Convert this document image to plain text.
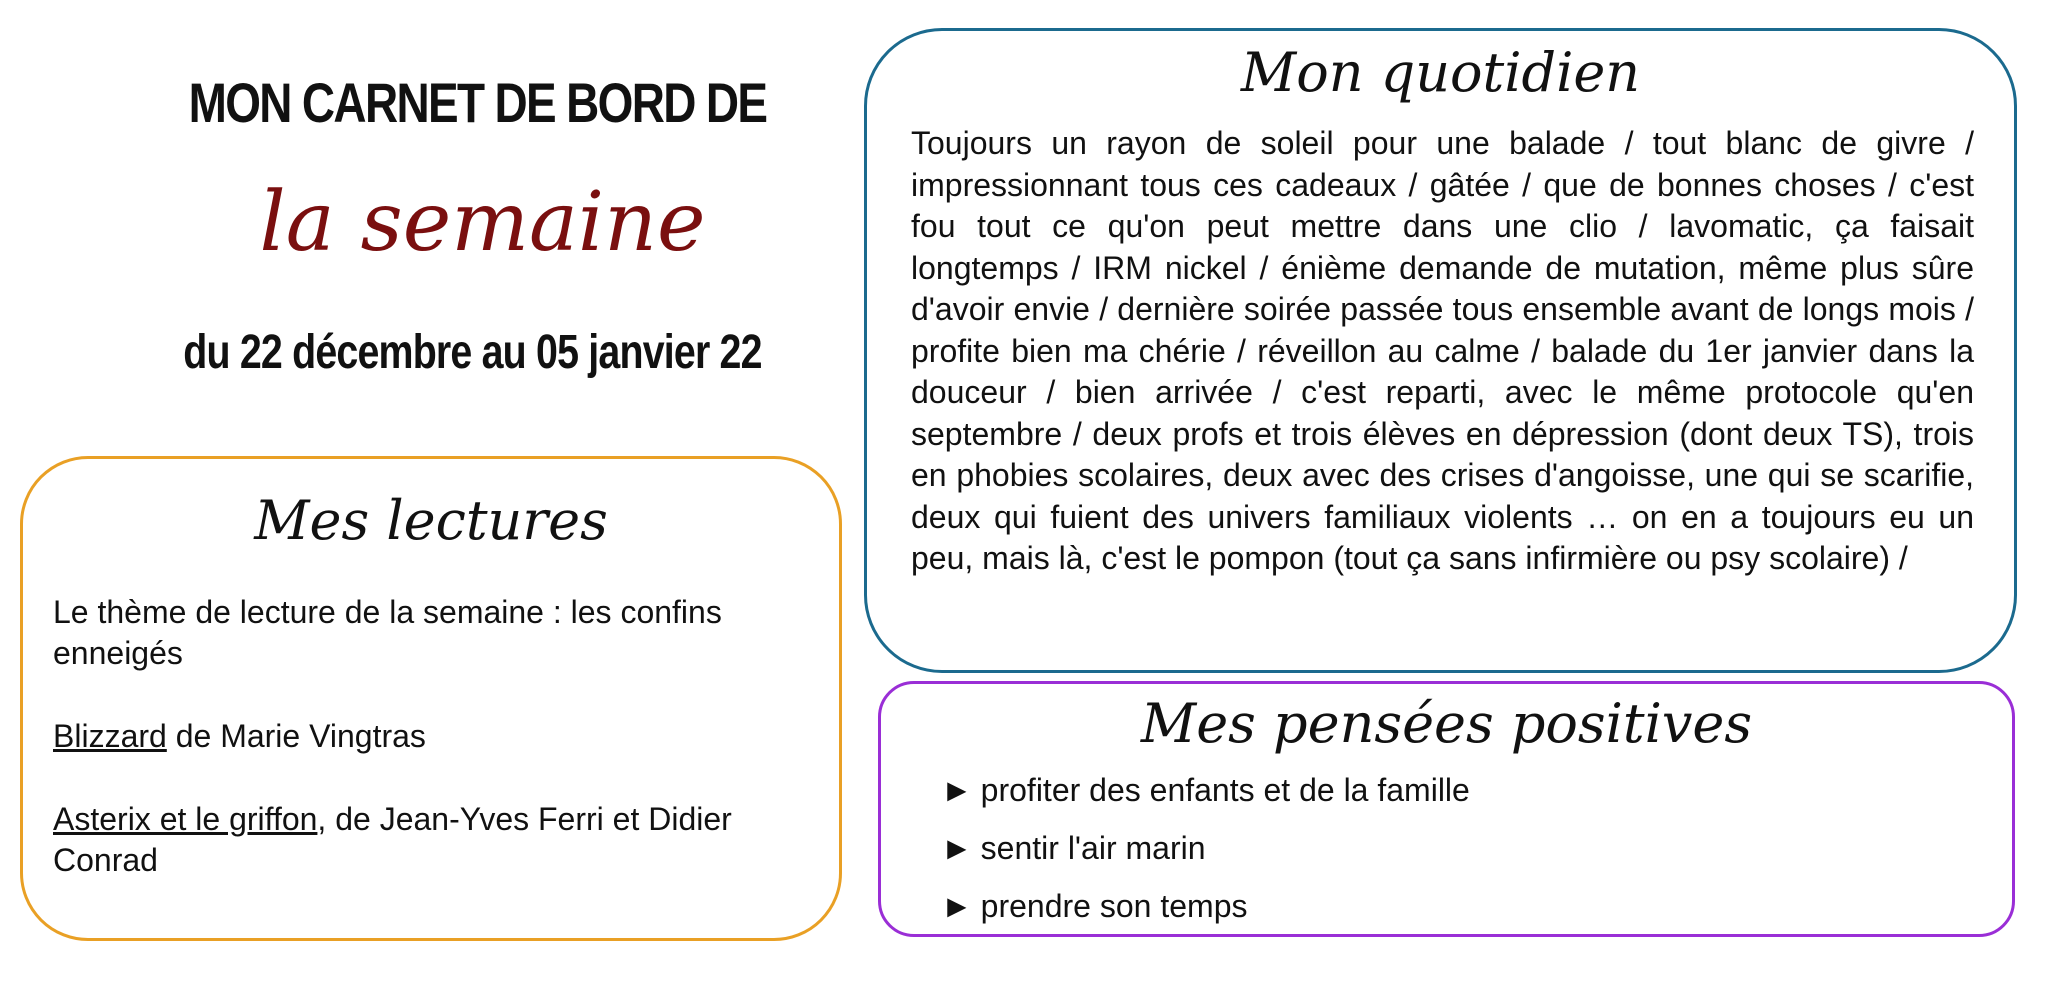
MON CARNET DE BORD DE
la semaine
du 22 décembre au 05 janvier 22
Mes lectures

Le thème de lecture de la semaine : les confins enneigés

Blizzard de Marie Vingtras

Asterix et le griffon, de Jean-Yves Ferri et Didier Conrad

Mon quotidien
Toujours un rayon de soleil pour une balade / tout blanc de givre / impressionnant tous ces cadeaux / gâtée / que de bonnes choses / c'est fou tout ce qu'on peut mettre dans une clio / lavomatic, ça faisait longtemps / IRM nickel / énième demande de mutation, même plus sûre d'avoir envie / dernière soirée passée tous ensemble avant de longs mois / profite bien ma chérie / réveillon au calme / balade du 1er janvier dans la douceur / bien arrivée / c'est reparti, avec le même protocole qu'en septembre / deux profs et trois élèves en dépression (dont deux TS), trois en phobies scolaires, deux avec des crises d'angoisse, une qui se scarifie, deux qui fuient des univers familiaux violents … on en a toujours eu un peu, mais là, c'est le pompon (tout ça sans infirmière ou psy scolaire) /
Mes pensées positives
► profiter des enfants et de la famille
► sentir l'air marin
► prendre son temps
